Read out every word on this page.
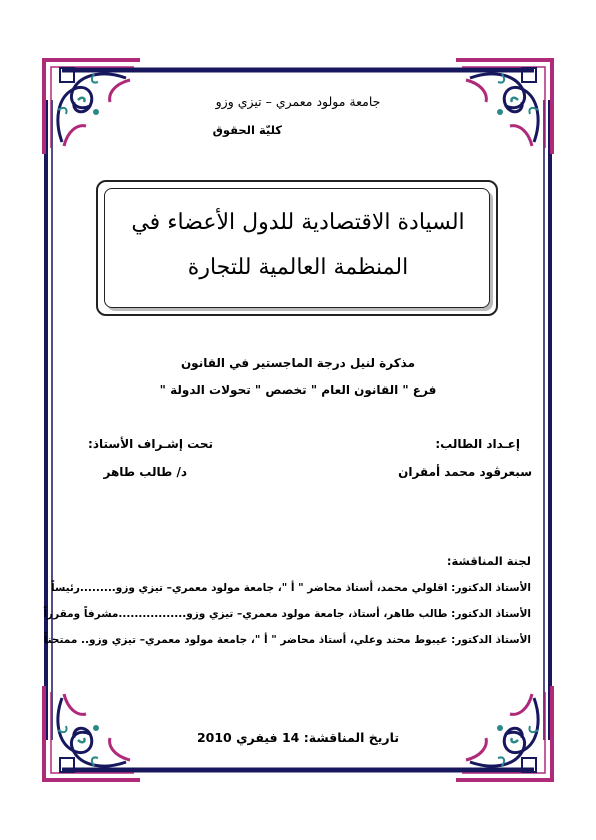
جامعة مولود معمري – تيزي وزو
كليّة الحقوق
السيادة الاقتصادية للدول الأعضاء في
المنظمة العالمية للتجارة
مذكرة لنيل درجة الماجستير في القانون
فرع " القانون العام " تخصص " تحولات الدولة "
إعـداد الطالب:
سبعرڨود محمد أمقران
تحت إشـراف الأستاذ:
د/ طالب طاهر
لجنة المناقشة:
الأستاذ الدكتور: اقلولي محمد، أستاذ محاضر " أ "، جامعة مولود معمري– تيزي وزو.........رئيساً
الأستاذ الدكتور: طالب طاهر، أستاذ، جامعة مولود معمري– تيزي وزو.................مشرفاً ومقرراً
الأستاذ الدكتور: عيبوط محند وعلي، أستاذ محاضر " أ "، جامعة مولود معمري– تيزي وزو.. ممتحناً
تاريخ المناقشة: 14 فيفري 2010
